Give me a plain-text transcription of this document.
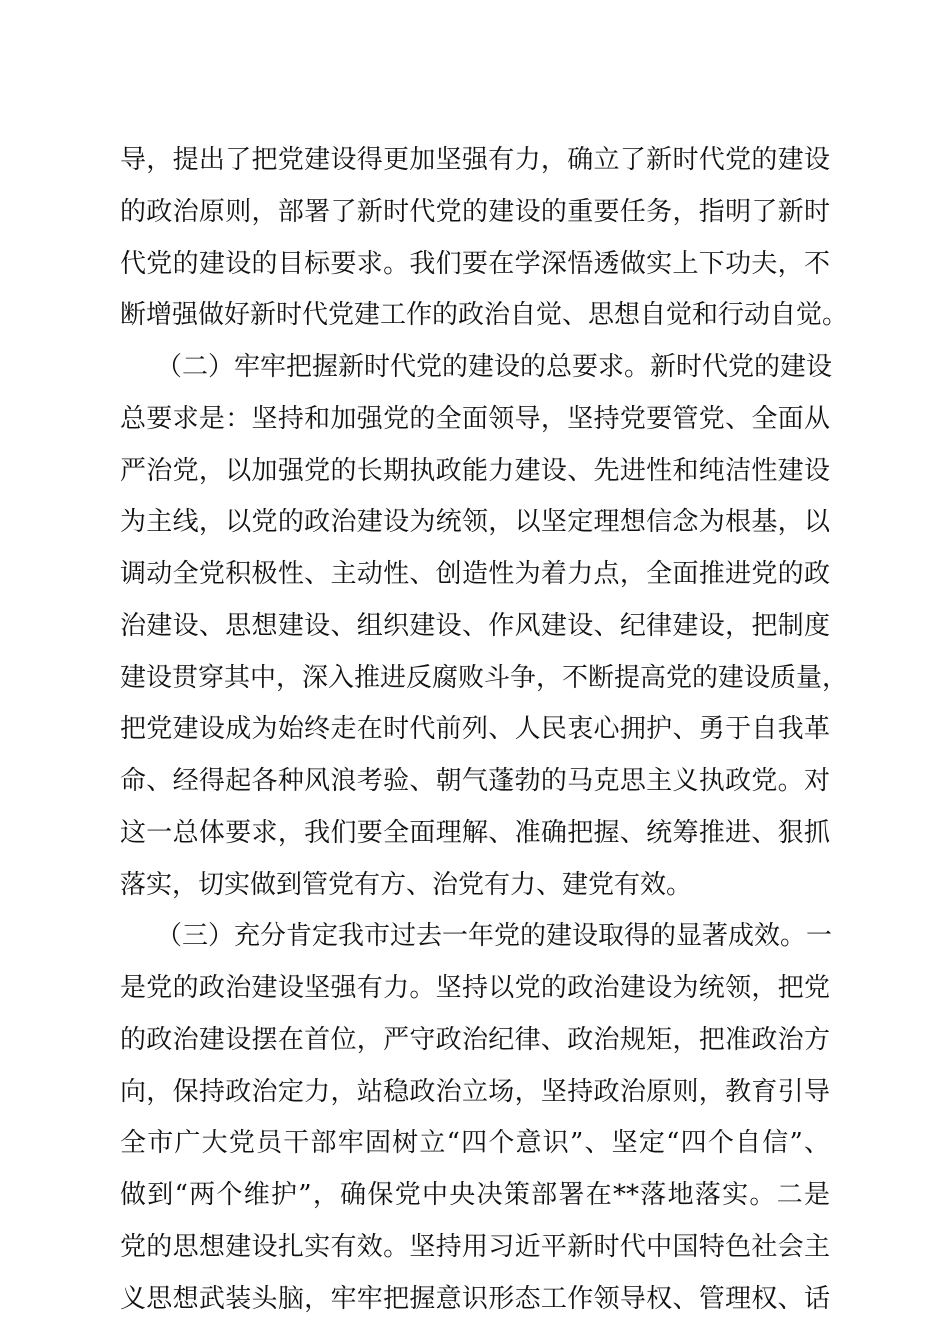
导，提出了把党建设得更加坚强有力，确立了新时代党的建设
的政治原则，部署了新时代党的建设的重要任务，指明了新时
代党的建设的目标要求。我们要在学深悟透做实上下功夫，不
断增强做好新时代党建工作的政治自觉、思想自觉和行动自觉。
（二）牢牢把握新时代党的建设的总要求。新时代党的建设
总要求是：坚持和加强党的全面领导，坚持党要管党、全面从
严治党，以加强党的长期执政能力建设、先进性和纯洁性建设
为主线，以党的政治建设为统领，以坚定理想信念为根基，以
调动全党积极性、主动性、创造性为着力点，全面推进党的政
治建设、思想建设、组织建设、作风建设、纪律建设，把制度
建设贯穿其中，深入推进反腐败斗争，不断提高党的建设质量，
把党建设成为始终走在时代前列、人民衷心拥护、勇于自我革
命、经得起各种风浪考验、朝气蓬勃的马克思主义执政党。对
这一总体要求，我们要全面理解、准确把握、统筹推进、狠抓
落实，切实做到管党有方、治党有力、建党有效。
（三）充分肯定我市过去一年党的建设取得的显著成效。一
是党的政治建设坚强有力。坚持以党的政治建设为统领，把党
的政治建设摆在首位，严守政治纪律、政治规矩，把准政治方
向，保持政治定力，站稳政治立场，坚持政治原则，教育引导
全市广大党员干部牢固树立“四个意识”、坚定“四个自信”、
做到“两个维护”，确保党中央决策部署在**落地落实。二是
党的思想建设扎实有效。坚持用习近平新时代中国特色社会主
义思想武装头脑，牢牢把握意识形态工作领导权、管理权、话
